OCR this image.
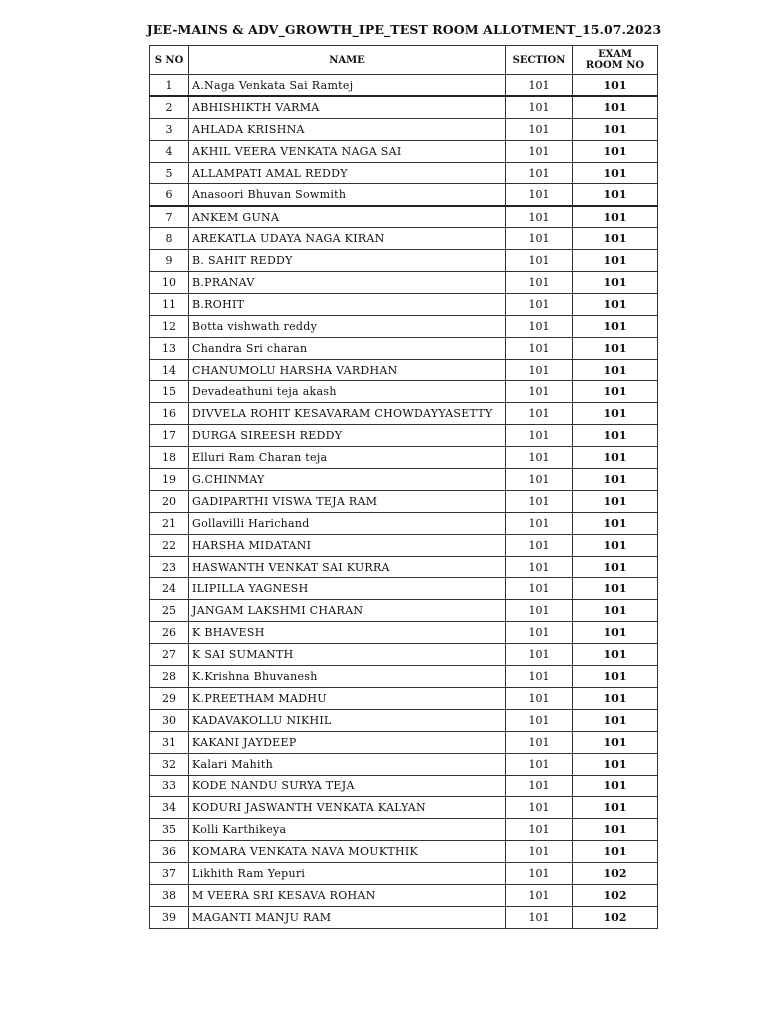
JEE-MAINS & ADV_GROWTH_IPE_TEST ROOM ALLOTMENT_15.07.2023
S NO	NAME	SECTION	EXAM
ROOM NO
1	A.Naga Venkata Sai Ramtej	101	101
2	ABHISHIKTH VARMA	101	101
3	AHLADA KRISHNA	101	101
4	AKHIL VEERA VENKATA NAGA SAI	101	101
5	ALLAMPATI AMAL REDDY	101	101
6	Anasoori Bhuvan Sowmith	101	101
7	ANKEM GUNA	101	101
8	AREKATLA UDAYA NAGA KIRAN	101	101
9	B. SAHIT REDDY	101	101
10	B.PRANAV	101	101
11	B.ROHIT	101	101
12	Botta vishwath reddy	101	101
13	Chandra Sri charan	101	101
14	CHANUMOLU HARSHA VARDHAN	101	101
15	Devadeathuni teja akash	101	101
16	DIVVELA ROHIT KESAVARAM CHOWDAYYASETTY	101	101
17	DURGA SIREESH REDDY	101	101
18	Elluri Ram Charan teja	101	101
19	G.CHINMAY	101	101
20	GADIPARTHI VISWA TEJA RAM	101	101
21	Gollavilli Harichand	101	101
22	HARSHA MIDATANI	101	101
23	HASWANTH VENKAT SAI KURRA	101	101
24	ILIPILLA YAGNESH	101	101
25	JANGAM LAKSHMI CHARAN	101	101
26	K BHAVESH	101	101
27	K SAI SUMANTH	101	101
28	K.Krishna Bhuvanesh	101	101
29	K.PREETHAM MADHU	101	101
30	KADAVAKOLLU NIKHIL	101	101
31	KAKANI JAYDEEP	101	101
32	Kalari Mahith	101	101
33	KODE NANDU SURYA TEJA	101	101
34	KODURI JASWANTH VENKATA KALYAN	101	101
35	Kolli Karthikeya	101	101
36	KOMARA VENKATA NAVA MOUKTHIK	101	101
37	Likhith Ram Yepuri	101	102
38	M VEERA SRI KESAVA ROHAN	101	102
39	MAGANTI MANJU RAM	101	102
